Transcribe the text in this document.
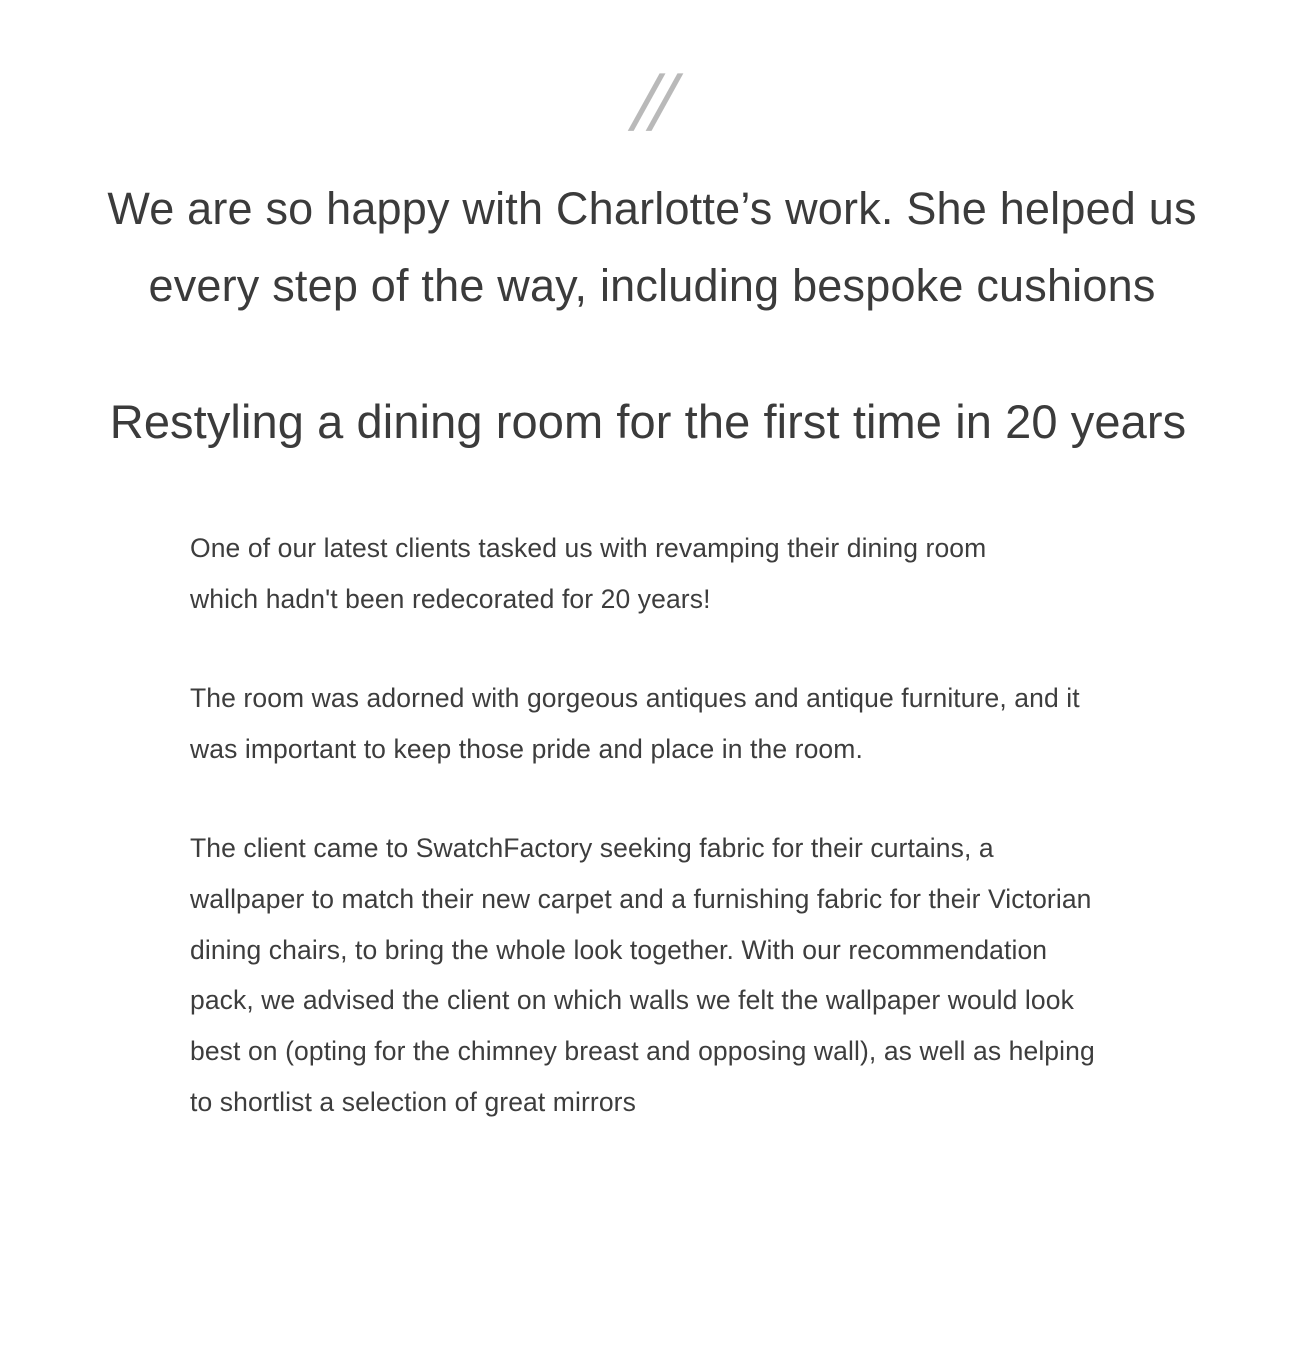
//
We are so happy with Charlotte’s work. She helped us every step of the way, including bespoke cushions
Restyling a dining room for the first time in 20 years

One of our latest clients tasked us with revamping their dining room which hadn't been redecorated for 20 years!

The room was adorned with gorgeous antiques and antique furniture, and it was important to keep those pride and place in the room.

The client came to SwatchFactory seeking fabric for their curtains, a wallpaper to match their new carpet and a furnishing fabric for their Victorian dining chairs, to bring the whole look together. With our recommendation pack, we advised the client on which walls we felt the wallpaper would look best on (opting for the chimney breast and opposing wall), as well as helping to shortlist a selection of great mirrors
